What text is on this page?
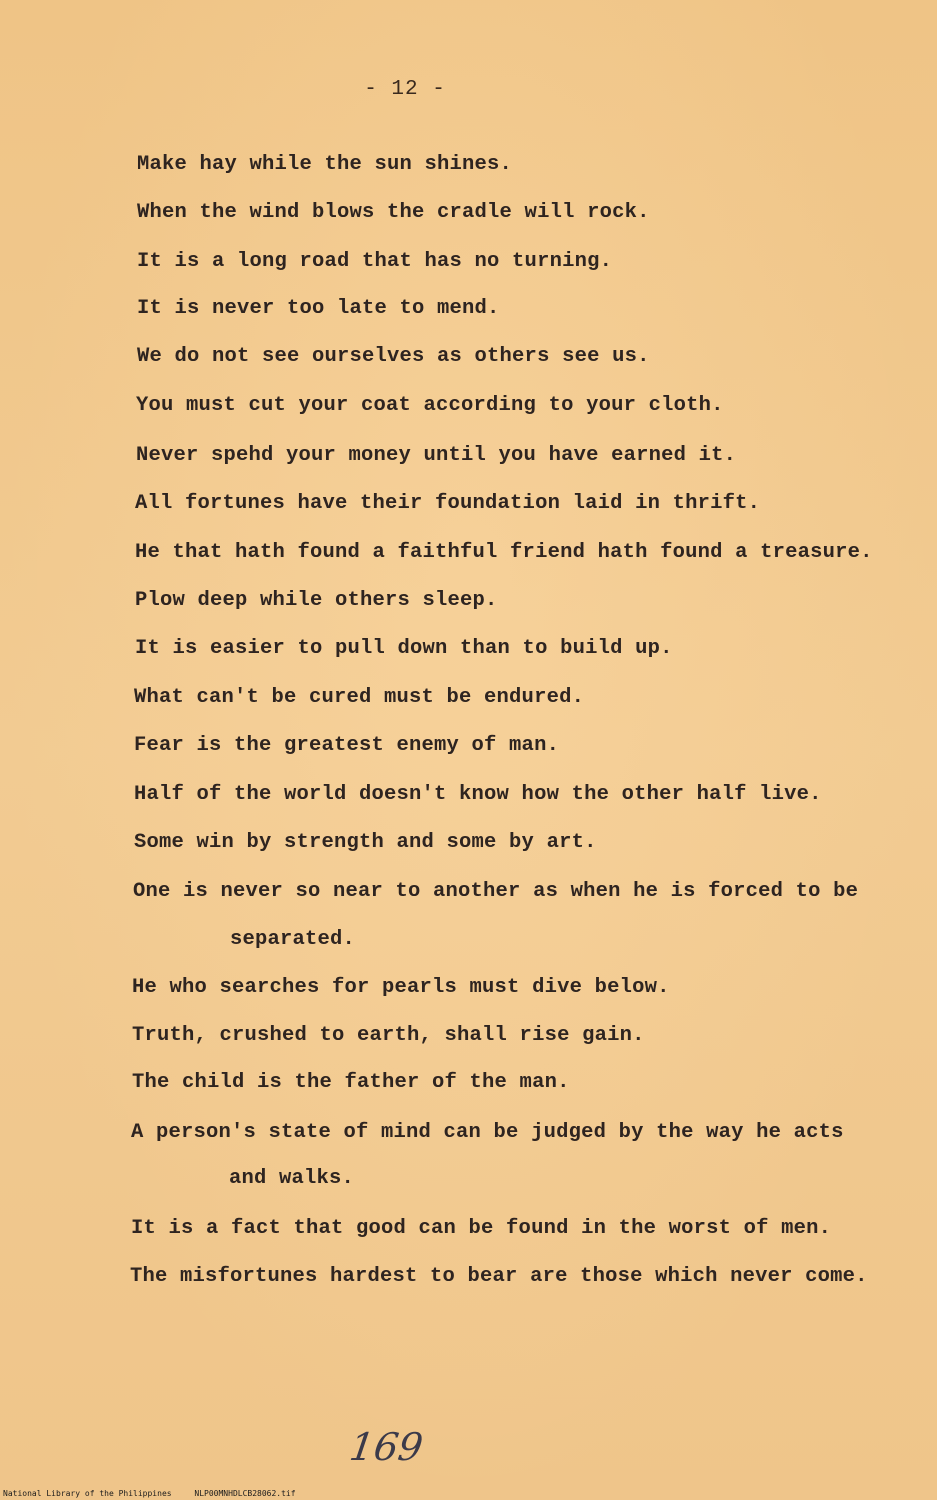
- 12 -
Make hay while the sun shines.
When the wind blows the cradle will rock.
It is a long road that has no turning.
It is never too late to mend.
We do not see ourselves as others see us.
You must cut your coat according to your cloth.
Never spehd your money until you have earned it.
All fortunes have their foundation laid in thrift.
He that hath found a faithful friend hath found a treasure.
Plow deep while others sleep.
It is easier to pull down than to build up.
What can't be cured must be endured.
Fear is the greatest enemy of man.
Half of the world doesn't know how the other half live.
Some win by strength and some by art.
One is never so near to another as when he is forced to be
separated.
He who searches for pearls must dive below.
Truth, crushed to earth, shall rise gain.
The child is the father of the man.
A person's state of mind can be judged by the way he acts
and walks.
It is a fact that good can be found in the worst of men.
The misfortunes hardest to bear are those which never come.
169
National Library of the Philippines	NLP00MNHDLCB28062.tif
